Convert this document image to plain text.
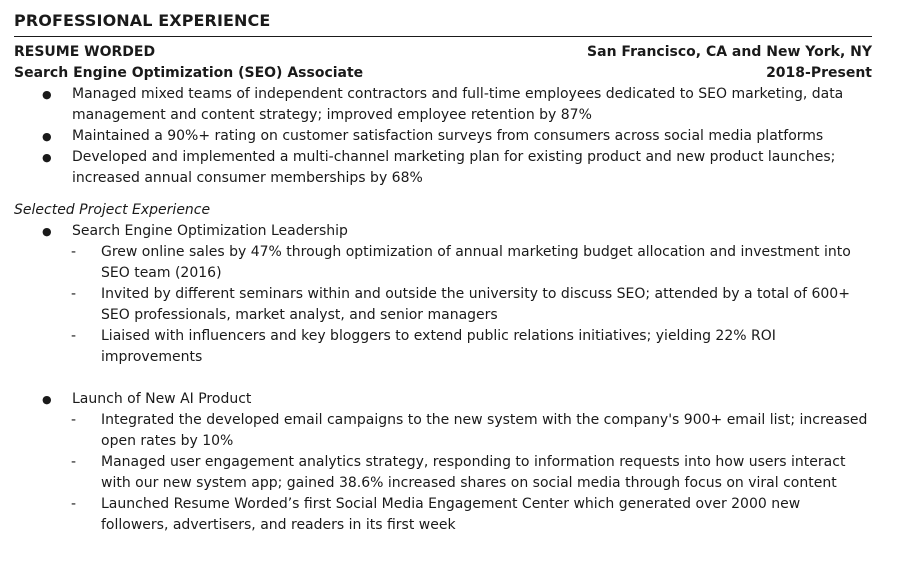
PROFESSIONAL EXPERIENCE
RESUME WORDED	San Francisco, CA and New York, NY
Search Engine Optimization (SEO) Associate	2018-Present
● Managed mixed teams of independent contractors and full-time employees dedicated to SEO marketing, data management and content strategy; improved employee retention by 87%
● Maintained a 90%+ rating on customer satisfaction surveys from consumers across social media platforms
● Developed and implemented a multi-channel marketing plan for existing product and new product launches; increased annual consumer memberships by 68%
Selected Project Experience
● Search Engine Optimization Leadership
- Grew online sales by 47% through optimization of annual marketing budget allocation and investment into SEO team (2016)
- Invited by different seminars within and outside the university to discuss SEO; attended by a total of 600+ SEO professionals, market analyst, and senior managers
- Liaised with influencers and key bloggers to extend public relations initiatives; yielding 22% ROI improvements
● Launch of New AI Product
- Integrated the developed email campaigns to the new system with the company's 900+ email list; increased open rates by 10%
- Managed user engagement analytics strategy, responding to information requests into how users interact with our new system app; gained 38.6% increased shares on social media through focus on viral content
- Launched Resume Worded’s first Social Media Engagement Center which generated over 2000 new followers, advertisers, and readers in its first week
